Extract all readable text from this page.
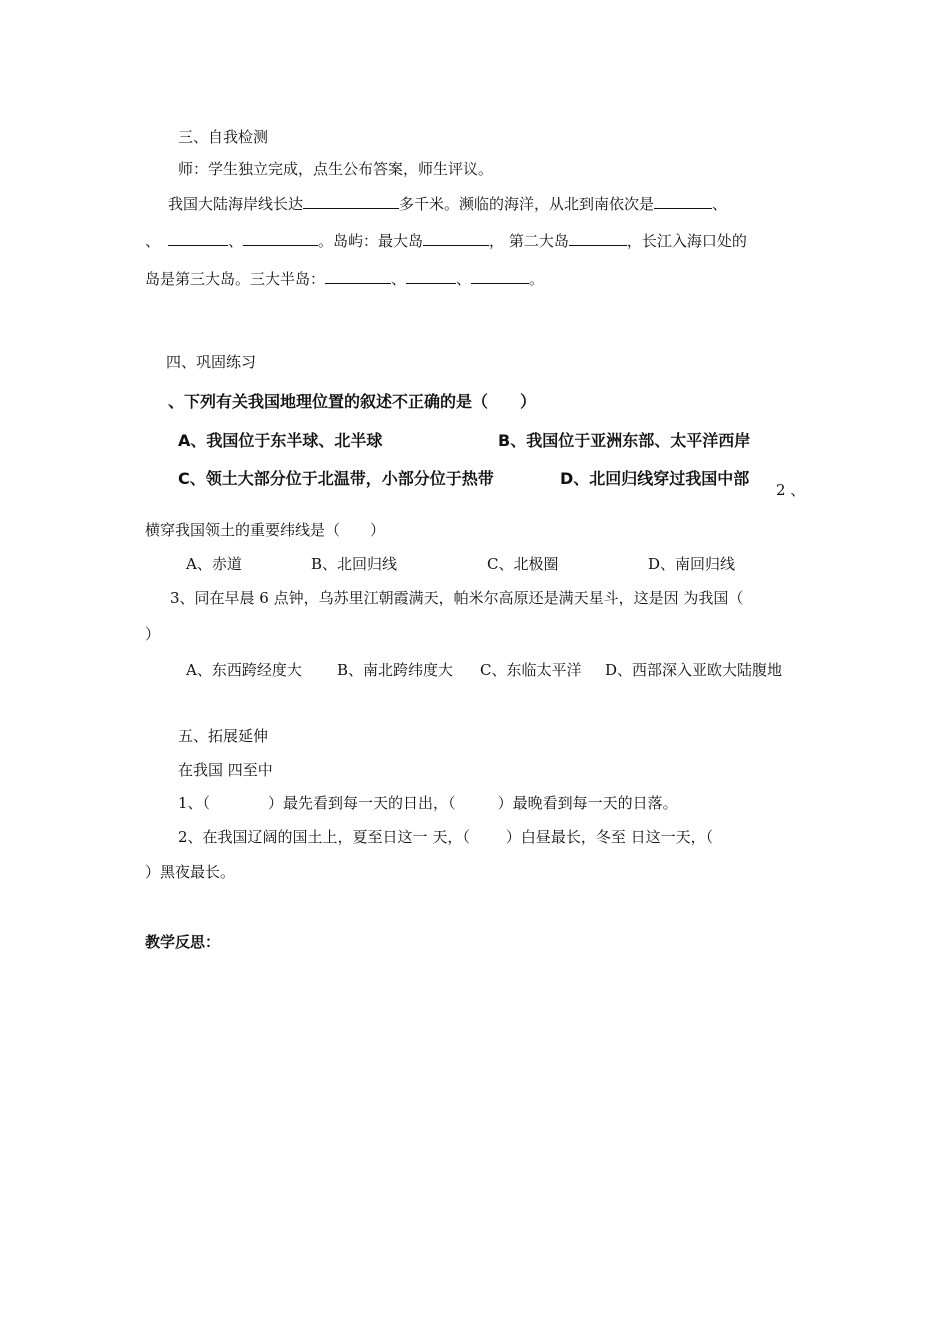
三、自我检测
师：学生独立完成，点生公布答案，师生评议。
我国大陆海岸线长达	多千米。濒临的海洋，从北到南依次是	、
、	、	。岛屿：最大岛	， 第二大岛	，长江入海口处的
岛是第三大岛。三大半岛：	、	、	。
四、巩固练习
、下列有关我国地理位置的叙述不正确的是（　　）
A、我国位于东半球、北半球	B、我国位于亚洲东部、太平洋西岸
C、领土大部分位于北温带，小部分位于热带	D、北回归线穿过我国中部
2 、
横穿我国领土的重要纬线是（　　）
A、赤道	B、北回归线	C、北极圈	D、南回归线
3、同在早晨 6 点钟，乌苏里江朝霞满天，帕米尔高原还是满天星斗，这是因 为我国（
）
A、东西跨经度大 B、南北跨纬度大 C、东临太平洋 D、西部深入亚欧大陆腹地
五、拓展延伸
在我国 四至中
1、（	）最先看到每一天的日出，（	）最晚看到每一天的日落。
2、在我国辽阔的国土上，夏至日这一 天，（ ）白昼最长，冬至 日这一天，（
）黑夜最长。
教学反思：
